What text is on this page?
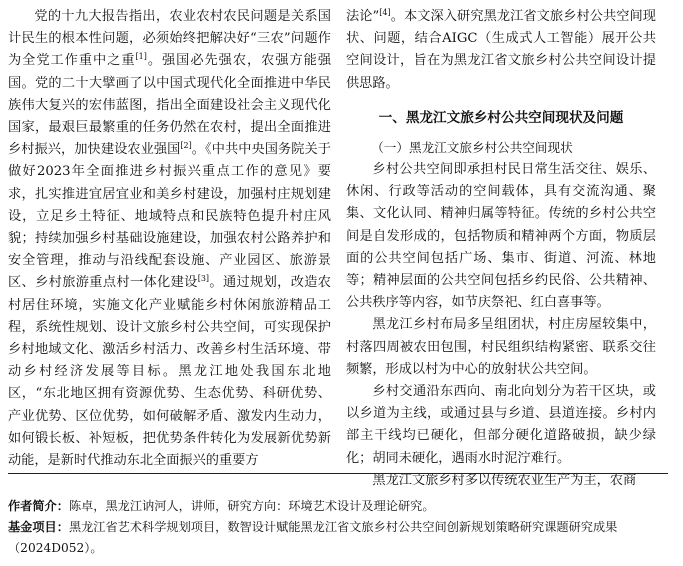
党的十九大报告指出，农业农村农民问题是关系国计民生的根本性问题，必须始终把解决好“三农”问题作为全党工作重中之重[1]。强国必先强农，农强方能强国。党的二十大擘画了以中国式现代化全面推进中华民族伟大复兴的宏伟蓝图，指出全面建设社会主义现代化国家，最艰巨最繁重的任务仍然在农村，提出全面推进乡村振兴，加快建设农业强国[2]。《中共中央国务院关于做好2023年全面推进乡村振兴重点工作的意见》要求，扎实推进宜居宜业和美乡村建设，加强村庄规划建设，立足乡土特征、地域特点和民族特色提升村庄风貌；持续加强乡村基础设施建设，加强农村公路养护和安全管理，推动与沿线配套设施、产业园区、旅游景区、乡村旅游重点村一体化建设[3]。通过规划，改造农村居住环境，实施文化产业赋能乡村休闲旅游精品工程，系统性规划、设计文旅乡村公共空间，可实现保护乡村地域文化、激活乡村活力、改善乡村生活环境、带动乡村经济发展等目标。黑龙江地处我国东北地区，“东北地区拥有资源优势、生态优势、科研优势、产业优势、区位优势，如何破解矛盾、激发内生动力，如何锻长板、补短板，把优势条件转化为发展新优势新动能，是新时代推动东北全面振兴的重要方

法论”[4]。本文深入研究黑龙江省文旅乡村公共空间现状、问题，结合AIGC（生成式人工智能）展开公共空间设计，旨在为黑龙江省文旅乡村公共空间设计提供思路。

一、黑龙江文旅乡村公共空间现状及问题

（一）黑龙江文旅乡村公共空间现状

乡村公共空间即承担村民日常生活交往、娱乐、休闲、行政等活动的空间载体，具有交流沟通、聚集、文化认同、精神归属等特征。传统的乡村公共空间是自发形成的，包括物质和精神两个方面，物质层面的公共空间包括广场、集市、街道、河流、林地等；精神层面的公共空间包括乡约民俗、公共精神、公共秩序等内容，如节庆祭祀、红白喜事等。

黑龙江乡村布局多呈组团状，村庄房屋较集中，村落四周被农田包围，村民组织结构紧密、联系交往频繁，形成以村为中心的放射状公共空间。

乡村交通沿东西向、南北向划分为若干区块，或以乡道为主线，或通过县与乡道、县道连接。乡村内部主干线均已硬化，但部分硬化道路破损，缺少绿化；胡同未硬化，遇雨水时泥泞难行。

黑龙江文旅乡村多以传统农业生产为主，农商

作者简介：陈卓，黑龙江讷河人，讲师，研究方向：环境艺术设计及理论研究。

基金项目：黑龙江省艺术科学规划项目，数智设计赋能黑龙江省文旅乡村公共空间创新规划策略研究课题研究成果（2024D052）。
